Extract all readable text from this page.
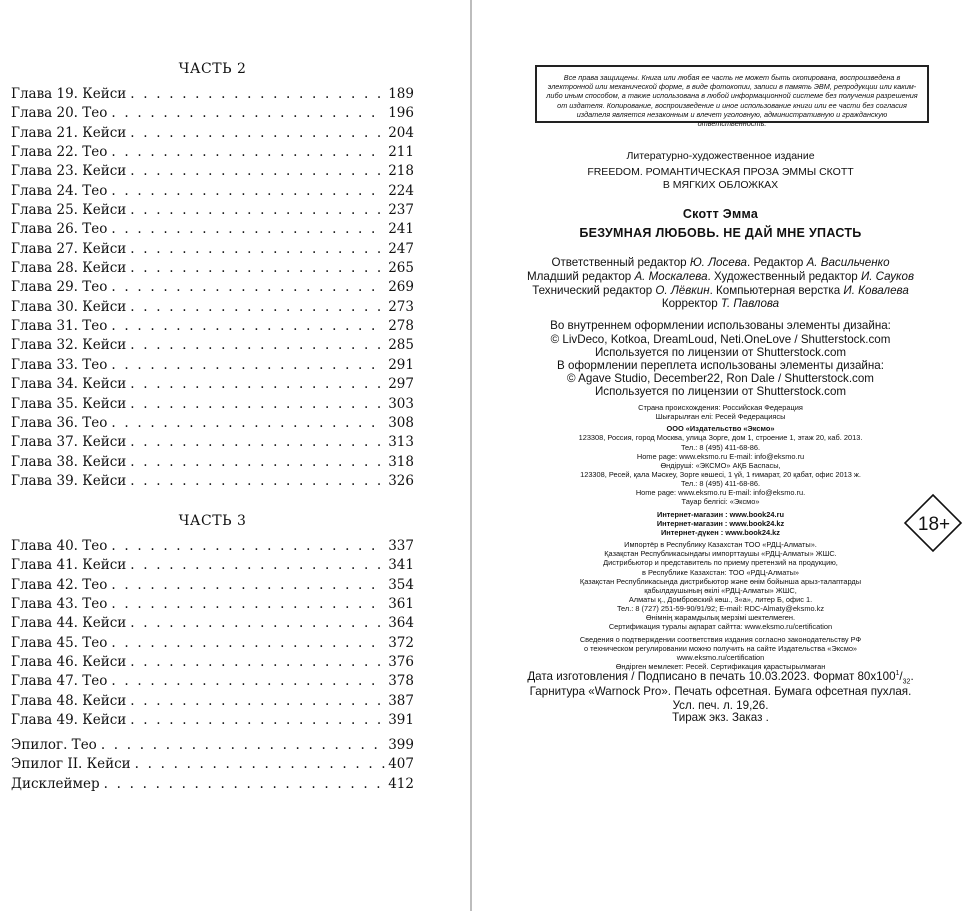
ЧАСТЬ 2
Глава 19. Кейси . . .	189
Глава 20. Тео . . .	196
Глава 21. Кейси . . .	204
Глава 22. Тео . . .	211
Глава 23. Кейси . . .	218
Глава 24. Тео . . .	224
Глава 25. Кейси . . .	237
Глава 26. Тео . . .	241
Глава 27. Кейси . . .	247
Глава 28. Кейси . . .	265
Глава 29. Тео . . .	269
Глава 30. Кейси . . .	273
Глава 31. Тео . . .	278
Глава 32. Кейси . . .	285
Глава 33. Тео . . .	291
Глава 34. Кейси . . .	297
Глава 35. Кейси . . .	303
Глава 36. Тео . . .	308
Глава 37. Кейси . . .	313
Глава 38. Кейси . . .	318
Глава 39. Кейси . . .	326
ЧАСТЬ 3
Глава 40. Тео . . .	337
Глава 41. Кейси . . .	341
Глава 42. Тео . . .	354
Глава 43. Тео . . .	361
Глава 44. Кейси . . .	364
Глава 45. Тео . . .	372
Глава 46. Кейси . . .	376
Глава 47. Тео . . .	378
Глава 48. Кейси . . .	387
Глава 49. Кейси . . .	391
Эпилог. Тео . . .	399
Эпилог II. Кейси . . .	407
Дисклеймер . . .	412
Все права защищены. Книга или любая ее часть не может быть скопирована, воспроизведена в электронной или механической форме, в виде фотокопии, записи в память ЭВМ, репродукции или каким-либо иным способом, а также использована в любой информационной системе без получения разрешения от издателя. Копирование, воспроизведение и иное использование книги или ее части без согласия издателя является незаконным и влечет уголовную, административную и гражданскую ответственность.
Литературно-художественное издание
FREEDOM. РОМАНТИЧЕСКАЯ ПРОЗА ЭММЫ СКОТТ
В МЯГКИХ ОБЛОЖКАХ
Скотт Эмма
БЕЗУМНАЯ ЛЮБОВЬ. НЕ ДАЙ МНЕ УПАСТЬ
Ответственный редактор Ю. Лосева. Редактор А. Васильченко
Младший редактор А. Москалева. Художественный редактор И. Сауков
Технический редактор О. Лёвкин. Компьютерная верстка И. Ковалева
Корректор Т. Павлова
Во внутреннем оформлении использованы элементы дизайна:
© LivDeco, Kotkoa, DreamLoud, Neti.OneLove / Shutterstock.com
Используется по лицензии от Shutterstock.com
В оформлении переплета использованы элементы дизайна:
© Agave Studio, December22, Ron Dale / Shutterstock.com
Используется по лицензии от Shutterstock.com
Страна происхождения: Российская Федерация
Шығарылған елі: Ресей Федерациясы
ООО «Издательство «Эксмо»
123308, Россия, город Москва, улица Зорге, дом 1, строение 1, этаж 20, каб. 2013.
Тел.: 8 (495) 411-68-86.
Home page: www.eksmo.ru E-mail: info@eksmo.ru
Өндіруші: «ЭКСМО» АҚБ Баспасы,
123308, Ресей, қала Мәскеу, Зорге көшесі, 1 үй, 1 ғимарат, 20 қабат, офис 2013 ж.
Тел.: 8 (495) 411-68-86.
Home page: www.eksmo.ru E-mail: info@eksmo.ru.
Тауар белгісі: «Эксмо»
Интернет-магазин : www.book24.ru
Интернет-магазин : www.book24.kz
Интернет-дүкен : www.book24.kz
Импортёр в Республику Казахстан ТОО «РДЦ-Алматы».
Қазақстан Республикасындағы импорттаушы «РДЦ-Алматы» ЖШС.
Дистрибьютор и представитель по приему претензий на продукцию,
в Республике Казахстан: ТОО «РДЦ-Алматы»
Қазақстан Республикасында дистрибьютор және өнім бойынша арыз-талаптарды
қабылдаушының өкілі «РДЦ-Алматы» ЖШС,
Алматы қ., Домбровский көш., 3«а», литер Б, офис 1.
Тел.: 8 (727) 251-59-90/91/92; E-mail: RDC-Almaty@eksmo.kz
Өнімнің жарамдылық мерзімі шектелмеген.
Сертификация туралы ақпарат сайтта: www.eksmo.ru/certification
Сведения о подтверждении соответствия издания согласно законодательству РФ
о техническом регулировании можно получить на сайте Издательства «Эксмо»
www.eksmo.ru/certification
Өндірген мемлекет: Ресей. Сертификация қарастырылмаған
Дата изготовления / Подписано в печать 10.03.2023. Формат $80x100^1/_{32}$.
Гарнитура «Warnock Pro». Печать офсетная. Бумага офсетная пухлая.
Усл. печ. л. 19,26.
Тираж экз. Заказ .
18+
